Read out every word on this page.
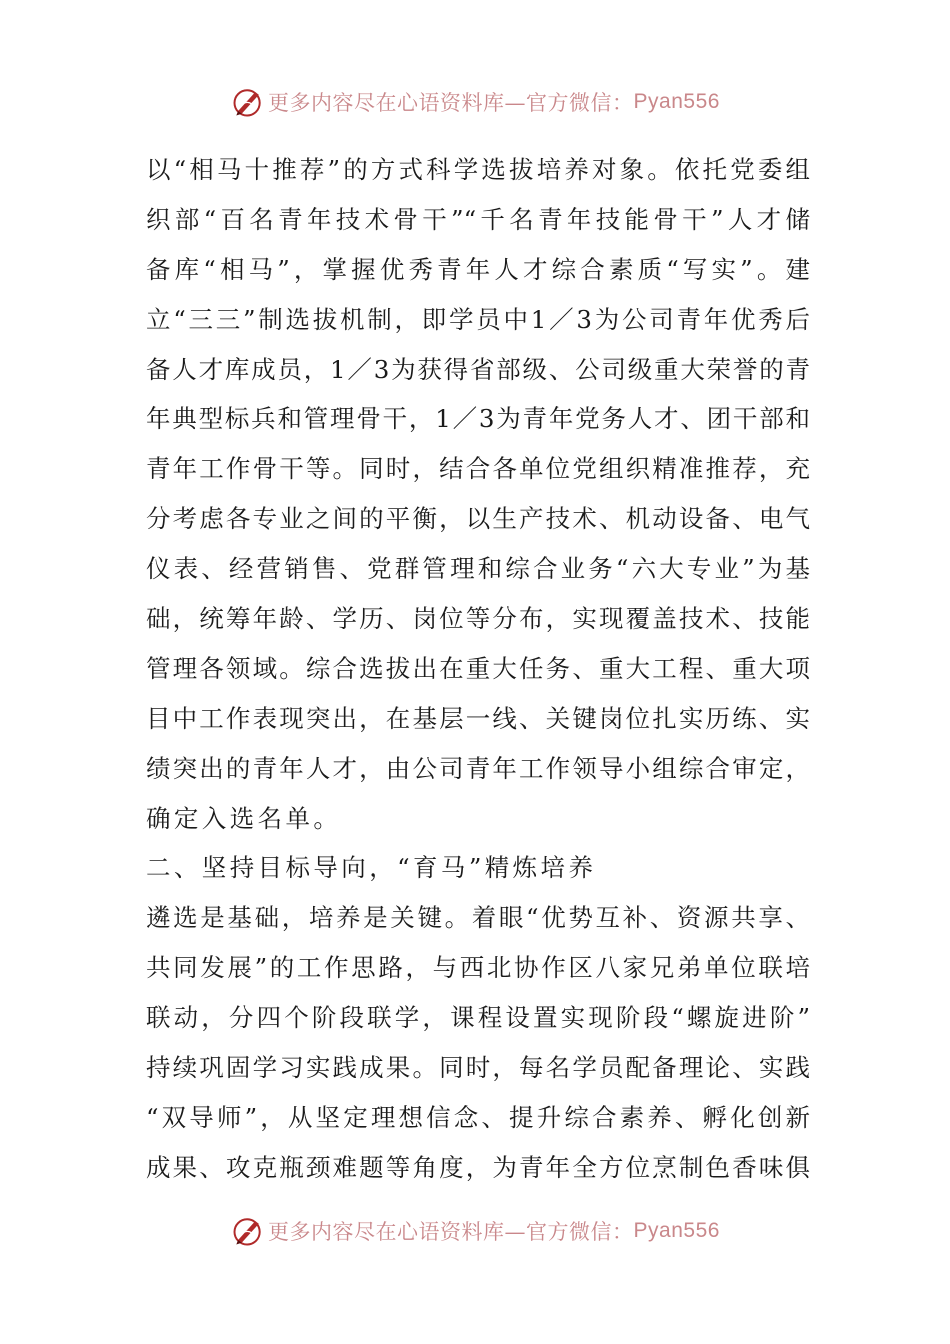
更多内容尽在心语资料库—官方微信： Pyan556
以“相马十推荐”的方式科学选拔培养对象。依托党委组
织部“百名青年技术骨干”“千名青年技能骨干”人才储
备库“相马”，掌握优秀青年人才综合素质“写实”。建
立“三三”制选拔机制，即学员中1／3为公司青年优秀后
备人才库成员，1／3为获得省部级、公司级重大荣誉的青
年典型标兵和管理骨干，1／3为青年党务人才、团干部和
青年工作骨干等。同时，结合各单位党组织精准推荐，充
分考虑各专业之间的平衡，以生产技术、机动设备、电气
仪表、经营销售、党群管理和综合业务“六大专业”为基
础，统筹年龄、学历、岗位等分布，实现覆盖技术、技能
管理各领域。综合选拔出在重大任务、重大工程、重大项
目中工作表现突出，在基层一线、关键岗位扎实历练、实
绩突出的青年人才，由公司青年工作领导小组综合审定，
确定入选名单。
二、坚持目标导向，“育马”精炼培养
遴选是基础，培养是关键。着眼“优势互补、资源共享、
共同发展”的工作思路，与西北协作区八家兄弟单位联培
联动，分四个阶段联学，课程设置实现阶段“螺旋进阶”
持续巩固学习实践成果。同时，每名学员配备理论、实践
“双导师”，从坚定理想信念、提升综合素养、孵化创新
成果、攻克瓶颈难题等角度，为青年全方位烹制色香味俱
更多内容尽在心语资料库—官方微信： Pyan556
